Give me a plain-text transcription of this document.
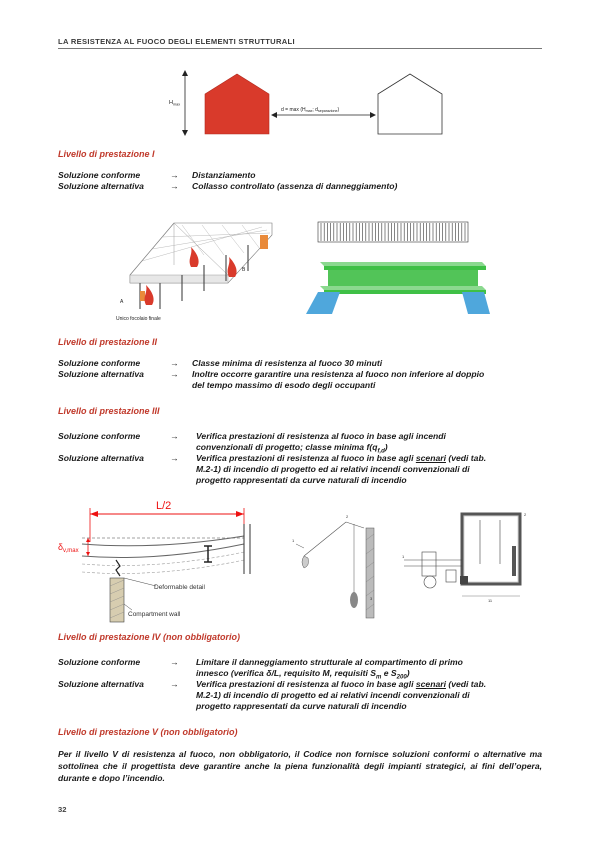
LA RESISTENZA AL FUOCO DEGLI ELEMENTI STRUTTURALI
$H_{max}$
$d = \max (H_{max}$; $d_{separazione}$)
Livello di prestazione I
Soluzione conforme	→ Distanziamento
Soluzione alternativa	→ Collasso controllato (assenza di danneggiamento)
A
B
Unico focolaio finale
Livello di prestazione II
Soluzione conforme	→ Classe minima di resistenza al fuoco 30 minuti
Soluzione alternativa	→ Inoltre occorre garantire una resistenza al fuoco non inferiore al doppio
del tempo massimo di esodo degli occupanti
Livello di prestazione III
Soluzione conforme	→ Verifica prestazioni di resistenza al fuoco in base agli incendi
convenzionali di progetto; classe minima $f(q_{f,d})$
Soluzione alternativa	→ Verifica prestazioni di resistenza al fuoco in base agli scenari (vedi tab.
M.2-1) di incendio di progetto ed ai relativi incendi convenzionali di
progetto rappresentati da curve naturali di incendio
L/2
$\delta_{v,max}$
Deformable detail
Compartment wall
1
2
3
1
2
11
Livello di prestazione IV (non obbligatorio)
Soluzione conforme	→ Limitare il danneggiamento strutturale al compartimento di primo
innesco (verifica δ/L, requisito M, requisiti $S_m$ e $S_{200}$)
Soluzione alternativa	→ Verifica prestazioni di resistenza al fuoco in base agli scenari (vedi tab.
M.2-1) di incendio di progetto ed ai relativi incendi convenzionali di
progetto rappresentati da curve naturali di incendio
Livello di prestazione V (non obbligatorio)
Per il livello V di resistenza al fuoco, non obbligatorio, il Codice non fornisce soluzioni conformi o alternative ma sottolinea che il progettista deve garantire anche la piena funzionalità degli impianti strategici, ai fini dell’opera, durante e dopo l’incendio.
32
